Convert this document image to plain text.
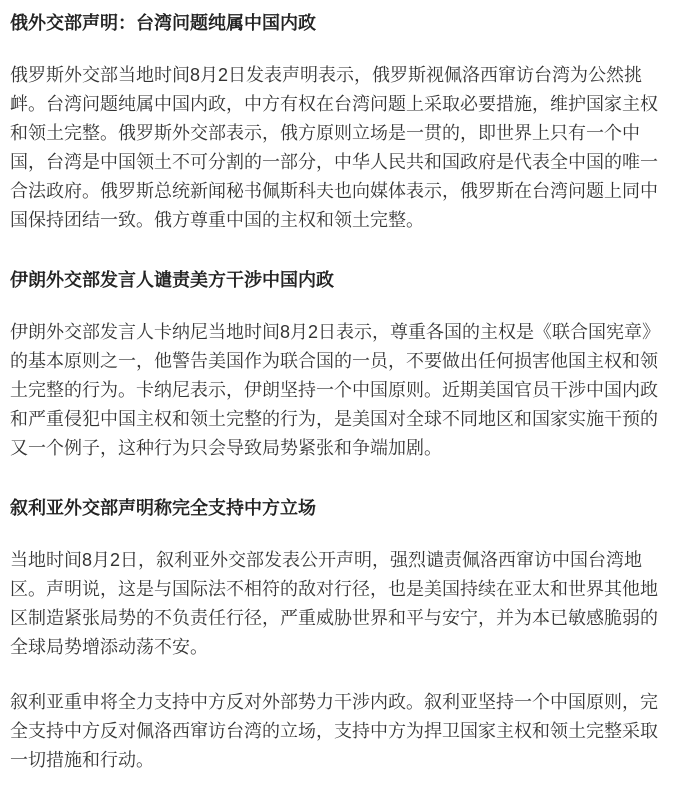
俄外交部声明：台湾问题纯属中国内政

俄罗斯外交部当地时间8月2日发表声明表示，俄罗斯视佩洛西窜访台湾为公然挑衅。台湾问题纯属中国内政，中方有权在台湾问题上采取必要措施，维护国家主权和领土完整。俄罗斯外交部表示，俄方原则立场是一贯的，即世界上只有一个中国，台湾是中国领土不可分割的一部分，中华人民共和国政府是代表全中国的唯一合法政府。俄罗斯总统新闻秘书佩斯科夫也向媒体表示，俄罗斯在台湾问题上同中国保持团结一致。俄方尊重中国的主权和领土完整。

伊朗外交部发言人谴责美方干涉中国内政

伊朗外交部发言人卡纳尼当地时间8月2日表示，尊重各国的主权是《联合国宪章》的基本原则之一，他警告美国作为联合国的一员，不要做出任何损害他国主权和领土完整的行为。卡纳尼表示，伊朗坚持一个中国原则。近期美国官员干涉中国内政和严重侵犯中国主权和领土完整的行为，是美国对全球不同地区和国家实施干预的又一个例子，这种行为只会导致局势紧张和争端加剧。

叙利亚外交部声明称完全支持中方立场

当地时间8月2日，叙利亚外交部发表公开声明，强烈谴责佩洛西窜访中国台湾地区。声明说，这是与国际法不相符的敌对行径，也是美国持续在亚太和世界其他地区制造紧张局势的不负责任行径，严重威胁世界和平与安宁，并为本已敏感脆弱的全球局势增添动荡不安。

叙利亚重申将全力支持中方反对外部势力干涉内政。叙利亚坚持一个中国原则，完全支持中方反对佩洛西窜访台湾的立场，支持中方为捍卫国家主权和领土完整采取一切措施和行动。
